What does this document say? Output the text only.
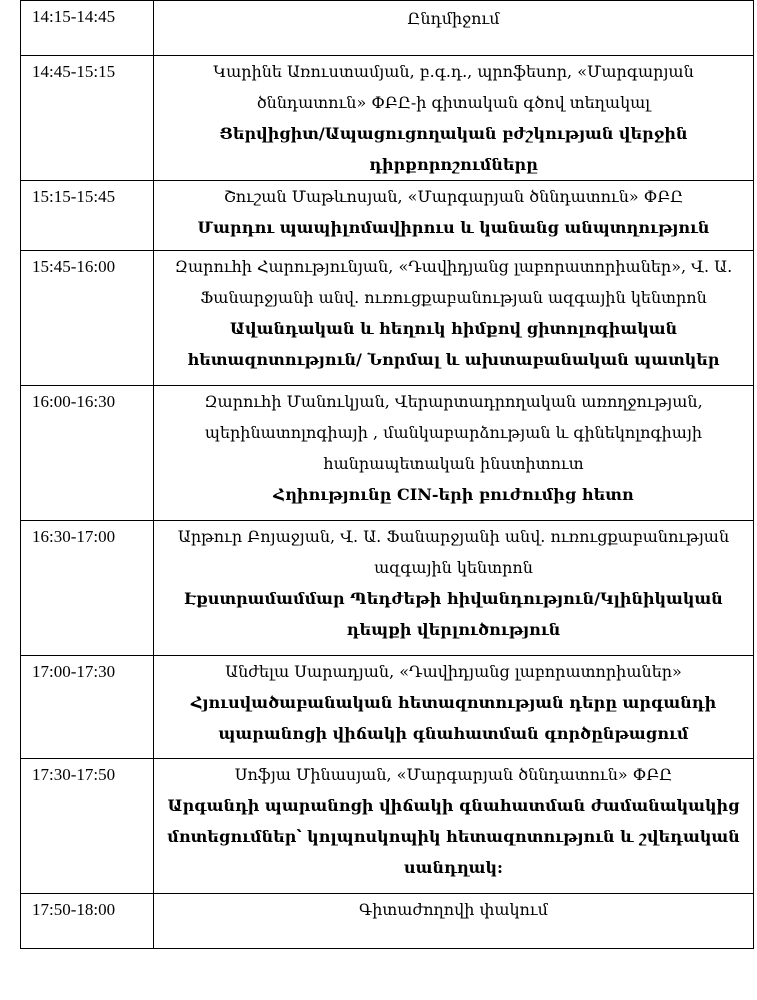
14:15-14:45	Ընդմիջում

14:45-15:15	Կարինե Առուստամյան, բ.գ.դ., պրոֆեսոր, «Մարգարյան ծննդատուն» ՓԲԸ-ի գիտական գծով տեղակալ
Ցերվիցիտ/Ապացուցողական բժշկության վերջին դիրքորոշումները

15:15-15:45	Շուշան Մաթևոսյան, «Մարգարյան ծննդատուն» ՓԲԸ
Մարդու պապիլոմավիրուս և կանանց անպտղություն

15:45-16:00	Զարուհի Հարությունյան, «Դավիդյանց լաբորատորիաներ», Վ. Ա. Ֆանարջյանի անվ. ուռուցքաբանության ազգային կենտրոն
Ավանդական և հեղուկ հիմքով ցիտոլոգիական հետազոտություն/ Նորմալ և ախտաբանական պատկեր

16:00-16:30	Զարուհի Մանուկյան, Վերարտադրողական առողջության, պերինատոլոգիայի , մանկաբարձության և գինեկոլոգիայի հանրապետական ինստիտուտ
Հղիությունը CIN-երի բուժումից հետո

16:30-17:00	Արթուր Բոյաջյան, Վ. Ա. Ֆանարջյանի անվ. ուռուցքաբանության ազգային կենտրոն
Էքստրամամմար Պեդժեթի հիվանդություն/Կլինիկական դեպքի վերլուծություն

17:00-17:30	Անժելա Սարադյան, «Դավիդյանց լաբորատորիաներ»
Հյուսվածաբանական հետազոտության դերը արգանդի պարանոցի վիճակի գնահատման գործընթացում

17:30-17:50	Սոֆյա Մինասյան, «Մարգարյան ծննդատուն» ՓԲԸ
Արգանդի պարանոցի վիճակի գնահատման ժամանակակից մոտեցումներ՝ կոլպոսկոպիկ հետազոտություն և շվեդական սանդղակ:

17:50-18:00	Գիտաժողովի փակում
